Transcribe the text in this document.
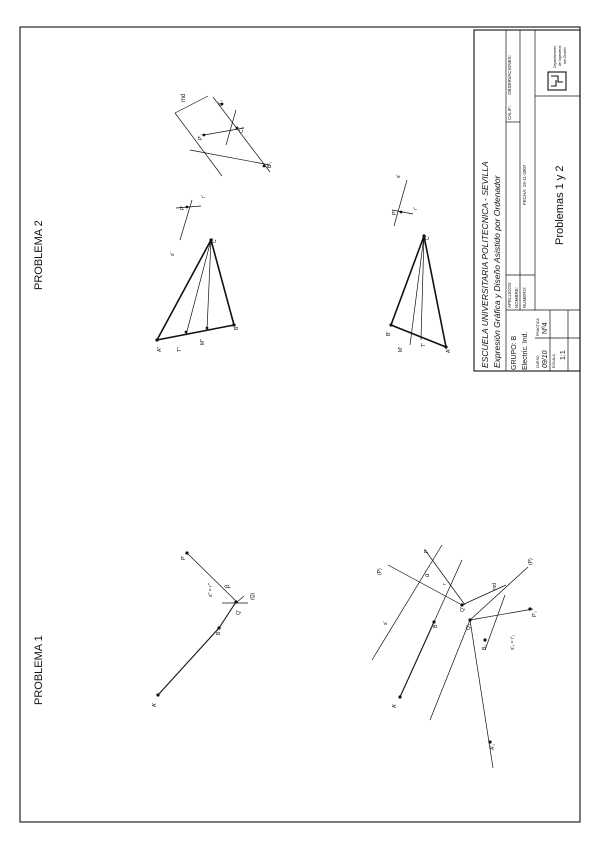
PROBLEMA 1
PROBLEMA 2
A'
B'
P'
s'' = r'' β
Q'
(Q)
A'
B
s'
(P)
P'
α
r
Q'
md
(P)
Q'₁
B₁	s'₁ = r'₁
P'₁
A'₁
md
A'₁
C'₁
P'₁
B'₁
P'
r'
s'
C'
A''	T''
M''
B''
s'
P'
r'
C'
B'
M'
T'
A'	ESCUELA UNIVERSITARIA POLITECNICA - SEVILLA Expresión Gráfica y Diseño Asistido por Ordenador APELLIDOS: NOMBRE: NUMERO:
FECHA: 19-11-2007
CALIF.:
OBSERVACIONES:
GRUPO: B Electric. Ind. CURSO 09/10
PRACTICA Nº4
ESCALA 1:1
Problemas 1 y 2
Departamento de Ingeniería del Diseño
